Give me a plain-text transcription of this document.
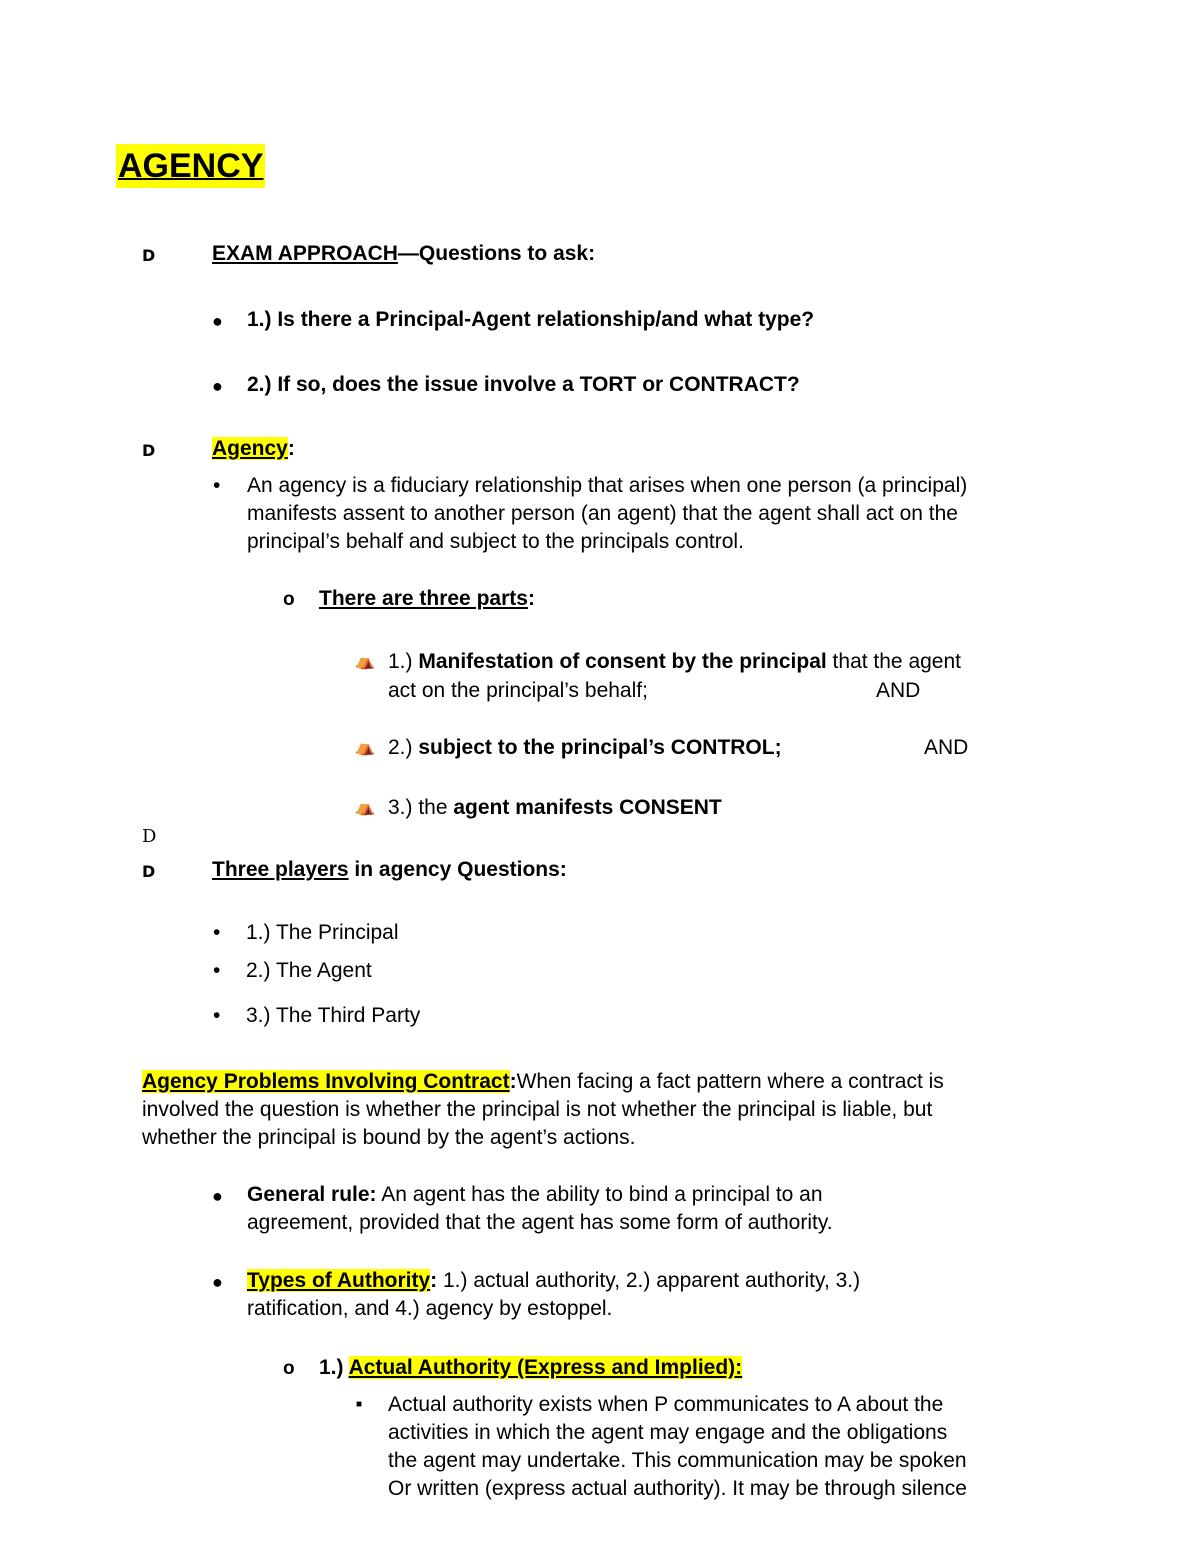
AGENCY
D	EXAM APPROACH—Questions to ask:
● 1.) Is there a Principal-Agent relationship/and what type?
● 2.) If so, does the issue involve a TORT or CONTRACT?
D	Agency:
• An agency is a fiduciary relationship that arises when one person (a principal)
manifests assent to another person (an agent) that the agent shall act on the
principal’s behalf and subject to the principals control.
o There are three parts:
⛺ 1.) Manifestation of consent by the principal that the agent
act on the principal’s behalf;	AND
⛺ 2.) subject to the principal’s CONTROL;	AND
⛺ 3.) the agent manifests CONSENT
D
D	Three players in agency Questions:
• 1.) The Principal
• 2.) The Agent
• 3.) The Third Party
Agency Problems Involving Contract:When facing a fact pattern where a contract is
involved the question is whether the principal is not whether the principal is liable, but
whether the principal is bound by the agent’s actions.
● General rule: An agent has the ability to bind a principal to an
agreement, provided that the agent has some form of authority.
● Types of Authority: 1.) actual authority, 2.) apparent authority, 3.)
ratification, and 4.) agency by estoppel.
o 1.) Actual Authority (Express and Implied):
■ Actual authority exists when P communicates to A about the
activities in which the agent may engage and the obligations
the agent may undertake. This communication may be spoken
Or written (express actual authority). It may be through silence
